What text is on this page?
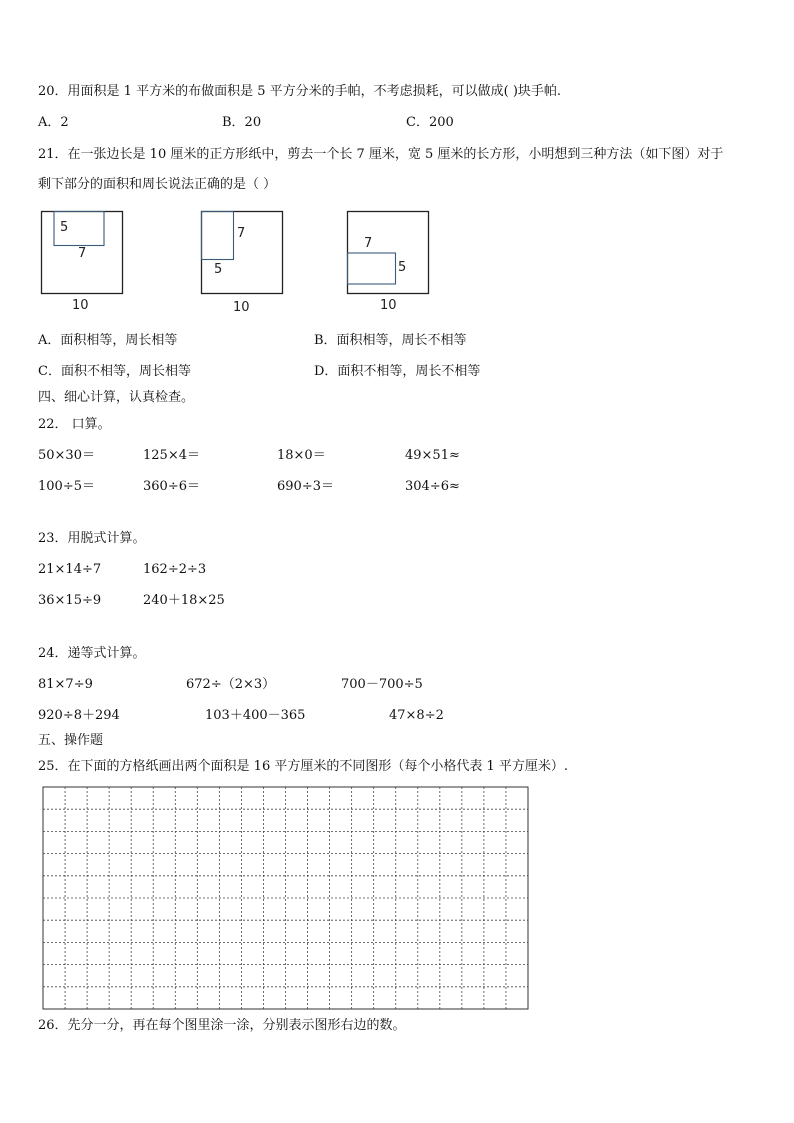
20．用面积是 1 平方米的布做面积是 5 平方分米的手帕，不考虑损耗，可以做成( )块手帕.
A．2	B．20	C．200
21．在一张边长是 10 厘米的正方形纸中，剪去一个长 7 厘米，宽 5 厘米的长方形，小明想到三种方法（如下图）对于
剩下部分的面积和周长说法正确的是（ ）
5
7
10
7
5
10
7
5
10
A．面积相等，周长相等	B．面积相等，周长不相等
C．面积不相等，周长相等	D．面积不相等，周长不相等
四、细心计算，认真检查。
22． 口算。
50×30＝	125×4＝	18×0＝	49×51≈
100÷5＝	360÷6＝	690÷3＝	304÷6≈
23．用脱式计算。
21×14÷7	162÷2÷3
36×15÷9	240＋18×25
24．递等式计算。
81×7÷9	672÷（2×3）	700－700÷5
920÷8＋294	103＋400－365	47×8÷2
五、操作题
25．在下面的方格纸画出两个面积是 16 平方厘米的不同图形（每个小格代表 1 平方厘米）.
26．先分一分，再在每个图里涂一涂，分别表示图形右边的数。
